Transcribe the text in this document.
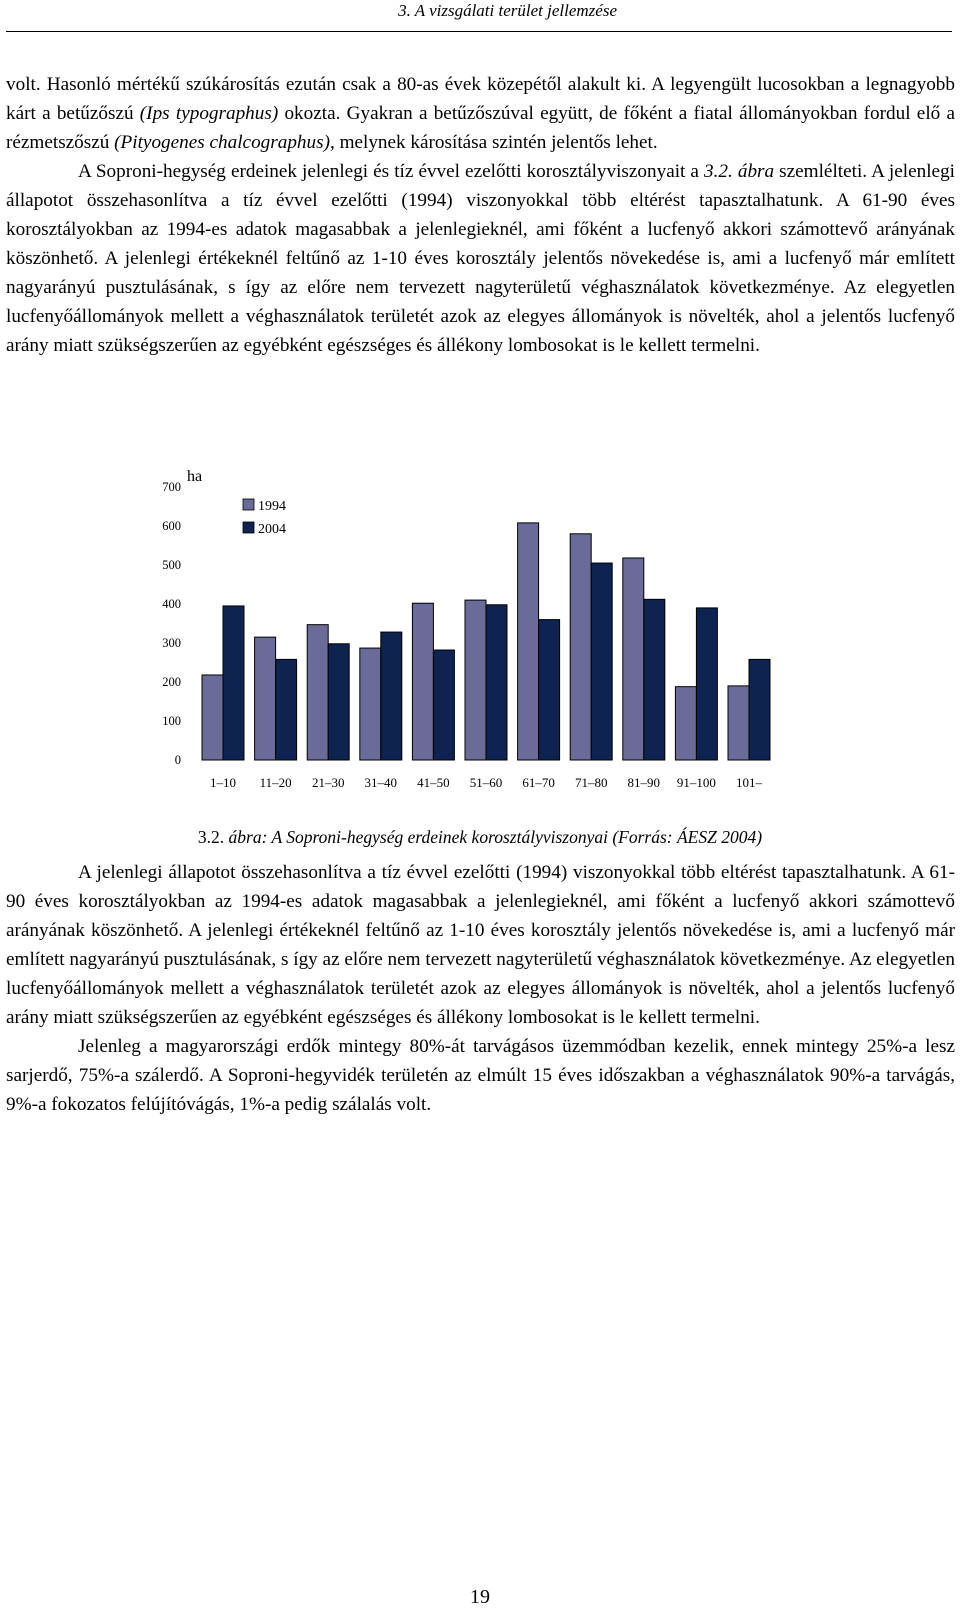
3. A vizsgálati terület jellemzése

volt. Hasonló mértékű szúkárosítás ezután csak a 80-as évek közepétől alakult ki. A legyengült lucosokban a legnagyobb kárt a betűzőszú (Ips typographus) okozta. Gyakran a betűzőszúval együtt, de főként a fiatal állományokban fordul elő a rézmetszőszú (Pityogenes chalcographus), melynek károsítása szintén jelentős lehet.
A Soproni-hegység erdeinek jelenlegi és tíz évvel ezelőtti korosztályviszonyait a 3.2. ábra szemlélteti. A jelenlegi állapotot összehasonlítva a tíz évvel ezelőtti (1994) viszonyokkal több eltérést tapasztalhatunk. A 61-90 éves korosztályokban az 1994-es adatok magasabbak a jelenlegieknél, ami főként a lucfenyő akkori számottevő arányának köszönhető. A jelenlegi értékeknél feltűnő az 1-10 éves korosztály jelentős növekedése is, ami a lucfenyő már említett nagyarányú pusztulásának, s így az előre nem tervezett nagyterületű véghasználatok következménye. Az elegyetlen lucfenyőállományok mellett a véghasználatok területét azok az elegyes állományok is növelték, ahol a jelentős lucfenyő arány miatt szükségszerűen az egyébként egészséges és állékony lombosokat is le kellett termelni.

0
100
200
300
400
500
600
700
ha
1–10 11–20 21–30 31–40 41–50 51–60 61–70 71–80 81–90 91–100 101–
1994
2004
3.2. ábra: A Soproni-hegység erdeinek korosztályviszonyai (Forrás: ÁESZ 2004)

A jelenlegi állapotot összehasonlítva a tíz évvel ezelőtti (1994) viszonyokkal több eltérést tapasztalhatunk. A 61-90 éves korosztályokban az 1994-es adatok magasabbak a jelenlegieknél, ami főként a lucfenyő akkori számottevő arányának köszönhető. A jelenlegi értékeknél feltűnő az 1-10 éves korosztály jelentős növekedése is, ami a lucfenyő már említett nagyarányú pusztulásának, s így az előre nem tervezett nagyterületű véghasználatok következménye. Az elegyetlen lucfenyőállományok mellett a véghasználatok területét azok az elegyes állományok is növelték, ahol a jelentős lucfenyő arány miatt szükségszerűen az egyébként egészséges és állékony lombosokat is le kellett termelni.
Jelenleg a magyarországi erdők mintegy 80%-át tarvágásos üzemmódban kezelik, ennek mintegy 25%-a lesz sarjerdő, 75%-a szálerdő. A Soproni-hegyvidék területén az elmúlt 15 éves időszakban a véghasználatok 90%-a tarvágás, 9%-a fokozatos felújítóvágás, 1%-a pedig szálalás volt.

19
